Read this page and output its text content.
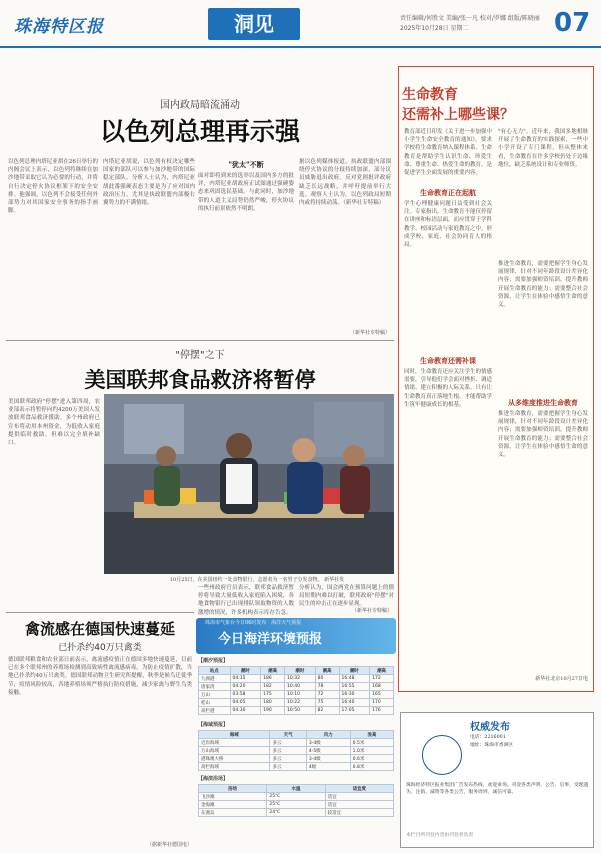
珠海特区报	洞见	责任编辑/何胜文 美编/张一凡 校对/罗娜 组版/陈晓丽
2025年10月28日 星期二	07
国内政局暗流涌动
以色列总理再示强
以色列总理内塔尼亚胡在26日举行的内阁会议上表示，以色列将继续在加沙地带采取它认为必要的行动，并将自行决定停火协议框架下的安全安排。他强调，以色列不会接受任何外部势力对其国家安全事务的指手画脚。
内塔尼亚胡说，以色列有权决定哪些国家的部队可以参与加沙地带的国际稳定部队。分析人士认为，内塔尼亚胡此番强硬表态主要是为了应对国内政治压力，尤其是执政联盟内部极右翼势力的不满情绪。
"犹太"不断
面对即将到来的选举以及国内多方的批评，内塔尼亚胡政府正试图通过强硬姿态来巩固选民基础。与此同时，加沙地带的人道主义局势仍然严峻，停火协议的执行前景依然不明朗。
据以色列媒体报道，执政联盟内部围绕停火协议的分歧持续加深，部分议员威胁退出政府。反对党则批评政府缺乏长远战略，并呼吁提前举行大选。观察人士认为，以色列政局短期内或将持续动荡。（新华社专特稿）
（新华社专特稿）
"停摆"之下
美国联邦食品救济将暂停
美国联邦政府"停摆"进入第四周，农业部表示将暂停向约4200万美国人发放联邦食品救济援助。多个州政府已宣布将动用本州资金，为低收入家庭提供临时救助，但难以完全填补缺口。
10月25日，在美国纽约一处食物银行，志愿者为一名男子分发食物。 新华社发
一些州政府官员表示，联邦食品救济暂停将导致大量低收入家庭陷入困境，各地食物银行已出现排队领取物资的人数激增的情况，许多机构表示库存告急。
分析认为，国会两党在预算问题上的僵局短期内难以打破，联邦政府"停摆"对民生的冲击正在逐步显现。
（新华社专特稿）
禽流感在德国快速蔓延
已扑杀约40万只禽类
德国联邦粮食和农业部日前表示，禽流感疫情正在德国多地快速蔓延，目前已在多个联邦州的养殖场检测到高致病性禽流感病毒。为防止疫情扩散，当地已扑杀约40万只禽类。德国联邦动物卫生研究所提醒，秋季是候鸟迁徙季节，疫情风险较高，各地养殖场须严格执行防疫措施，减少家禽与野生鸟类接触。
（据新华社德国电）
珠海市气象台今日06时发布 · 海洋天气预报
今日海洋环境预报
【潮汐预报】
站点	潮时	潮高	潮时	潮高	潮时	潮高
九洲港	04:15	186	10:32	80	16:48	172
唐家湾	04:20	182	10:40	78	16:55	168
万山	03:58	175	10:10	72	16:30	165
桂山	04:05	180	10:22	75	16:40	170
高栏港	04:30	190	10:50	82	17:05	176
【海域预报】
海域	天气	风力	浪高
近岸海域	多云	3-4级	0.5米
万山海域	多云	4-5级	1.0米
港珠澳大桥	多云	3-4级	0.6米
高栏海域	多云	4级	0.8米
【海滨浴场】
浴场	水温	适宜度
飞沙滩	25℃	适宜
金海滩	25℃	适宜
东澳岛	24℃	较适宜
生命教育
还需补上哪些课？
教育部近日印发《关于进一步加强中小学生生命安全教育的通知》，要求学校将生命教育纳入课程体系。生命教育是帮助学生认识生命、珍爱生命、尊重生命、热爱生命的教育，是促进学生全面发展的重要内容。
"有心无力"。近年来，我国多地相继开展了生命教育的实践探索，一些中小学开设了专门课程，但从整体来看，生命教育在许多学校仍处于边缘地位，缺乏系统设计和专业师资。
生命教育正在起航
学生心理健康问题日益受到社会关注。专家指出，生命教育不能仅停留在讲座和标语层面，而应贯穿于学科教学、校园活动与家庭教育之中，形成学校、家庭、社会协同育人的格局。
推进生命教育，需要把握学生身心发展规律，针对不同年龄段设计差异化内容；需要加强师资培训，提升教师开展生命教育的能力；需要整合社会资源，让学生在体验中感悟生命的意义。
生命教育还需补课
同时，生命教育还应关注学生的情感需要，引导他们学会面对挫折、调适情绪、建立积极的人际关系。只有让生命教育真正落地生根，才能帮助学生筑牢健康成长的根基。	从多维度推进生命教育
推进生命教育，需要把握学生身心发展规律，针对不同年龄段设计差异化内容；需要加强师资培训，提升教师开展生命教育的能力；需要整合社会资源，让学生在体验中感悟生命的意义。
新华社北京10月27日电
权威发布
电话：2216001
地址：珠海市香洲区
珠海经济特区报业集团广告发布热线，欢迎垂询。刊登各类声明、公告、启事，受理遗失、注销、减资等各类公告，服务周到，诚信可靠。
本栏目所刊登内容由刊登者负责
